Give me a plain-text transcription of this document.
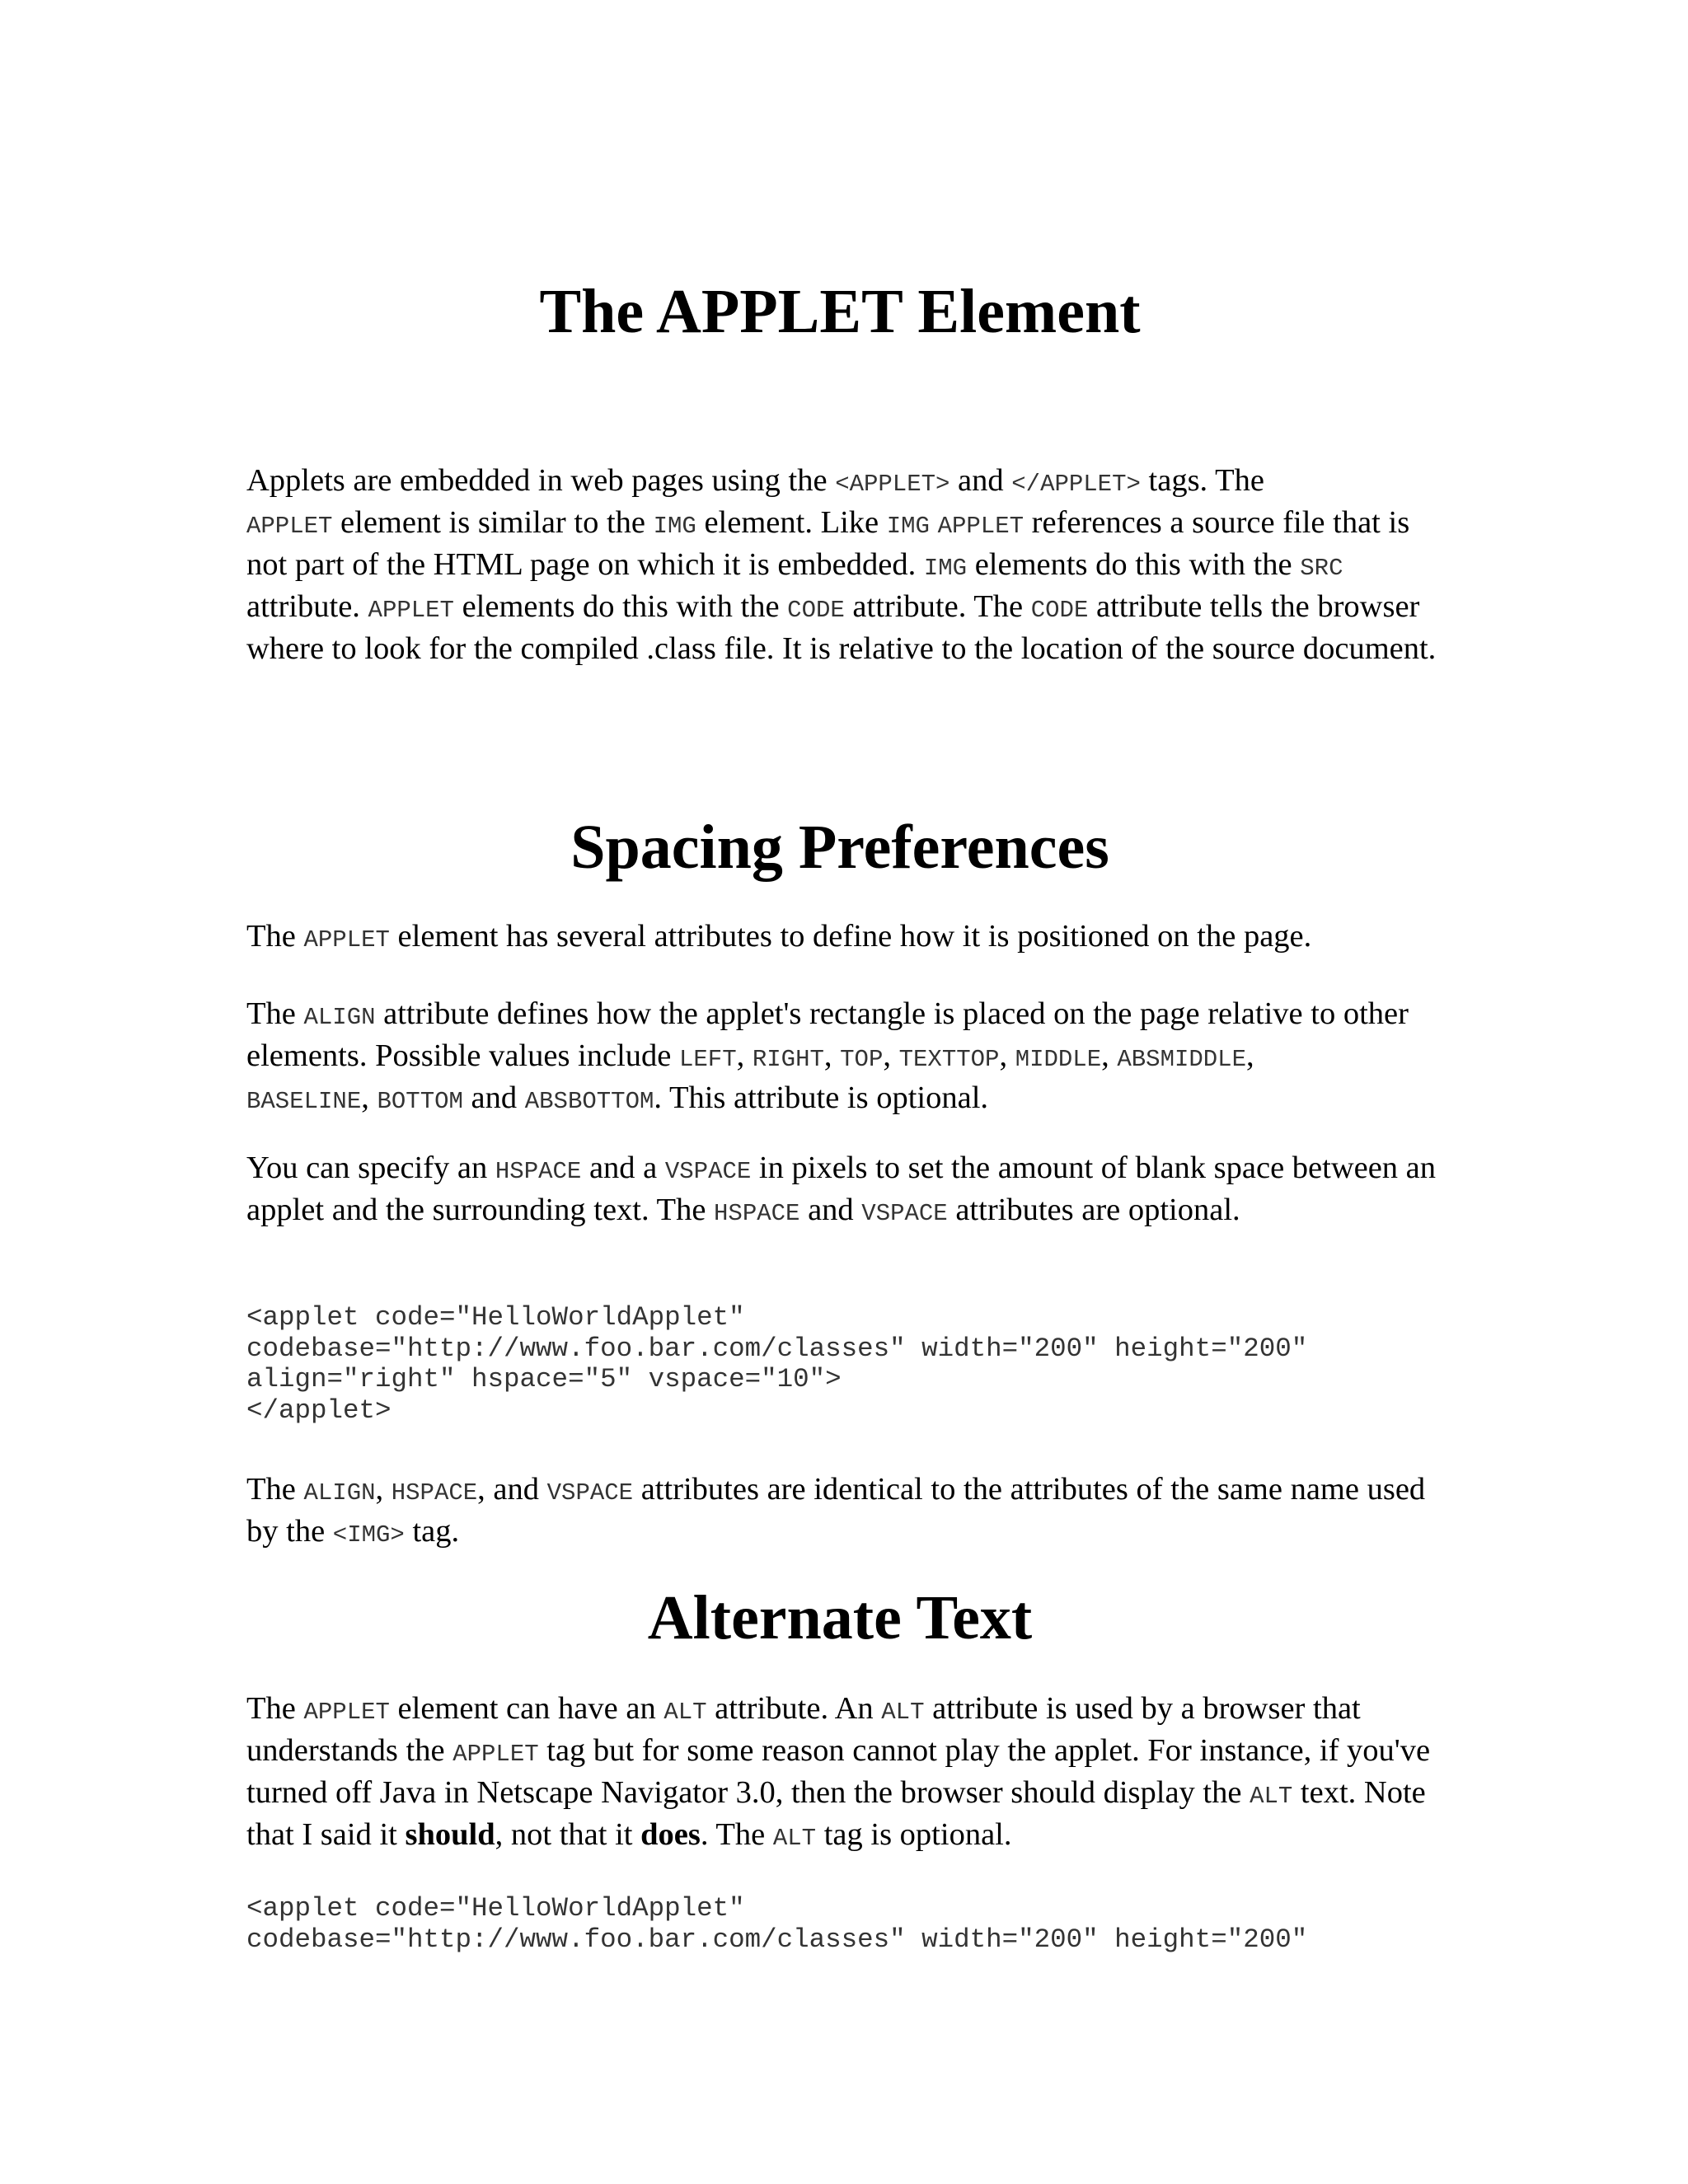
The APPLET Element

Applets are embedded in web pages using the <APPLET> and </APPLET> tags. The
APPLET element is similar to the IMG element. Like IMG APPLET references a source file that is not part of the HTML page on which it is embedded. IMG elements do this with the SRC attribute. APPLET elements do this with the CODE attribute. The CODE attribute tells the browser where to look for the compiled .class file. It is relative to the location of the source document.

Spacing Preferences

The APPLET element has several attributes to define how it is positioned on the page.

The ALIGN attribute defines how the applet's rectangle is placed on the page relative to other elements. Possible values include LEFT, RIGHT, TOP, TEXTTOP, MIDDLE, ABSMIDDLE,
BASELINE, BOTTOM and ABSBOTTOM. This attribute is optional.

You can specify an HSPACE and a VSPACE in pixels to set the amount of blank space between an applet and the surrounding text. The HSPACE and VSPACE attributes are optional.

<applet code="HelloWorldApplet"
codebase="http://www.foo.bar.com/classes" width="200" height="200"
align="right" hspace="5" vspace="10">
</applet>

The ALIGN, HSPACE, and VSPACE attributes are identical to the attributes of the same name used by the <IMG> tag.

Alternate Text

The APPLET element can have an ALT attribute. An ALT attribute is used by a browser that understands the APPLET tag but for some reason cannot play the applet. For instance, if you've turned off Java in Netscape Navigator 3.0, then the browser should display the ALT text. Note that I said it should, not that it does. The ALT tag is optional.

<applet code="HelloWorldApplet"
codebase="http://www.foo.bar.com/classes" width="200" height="200"
